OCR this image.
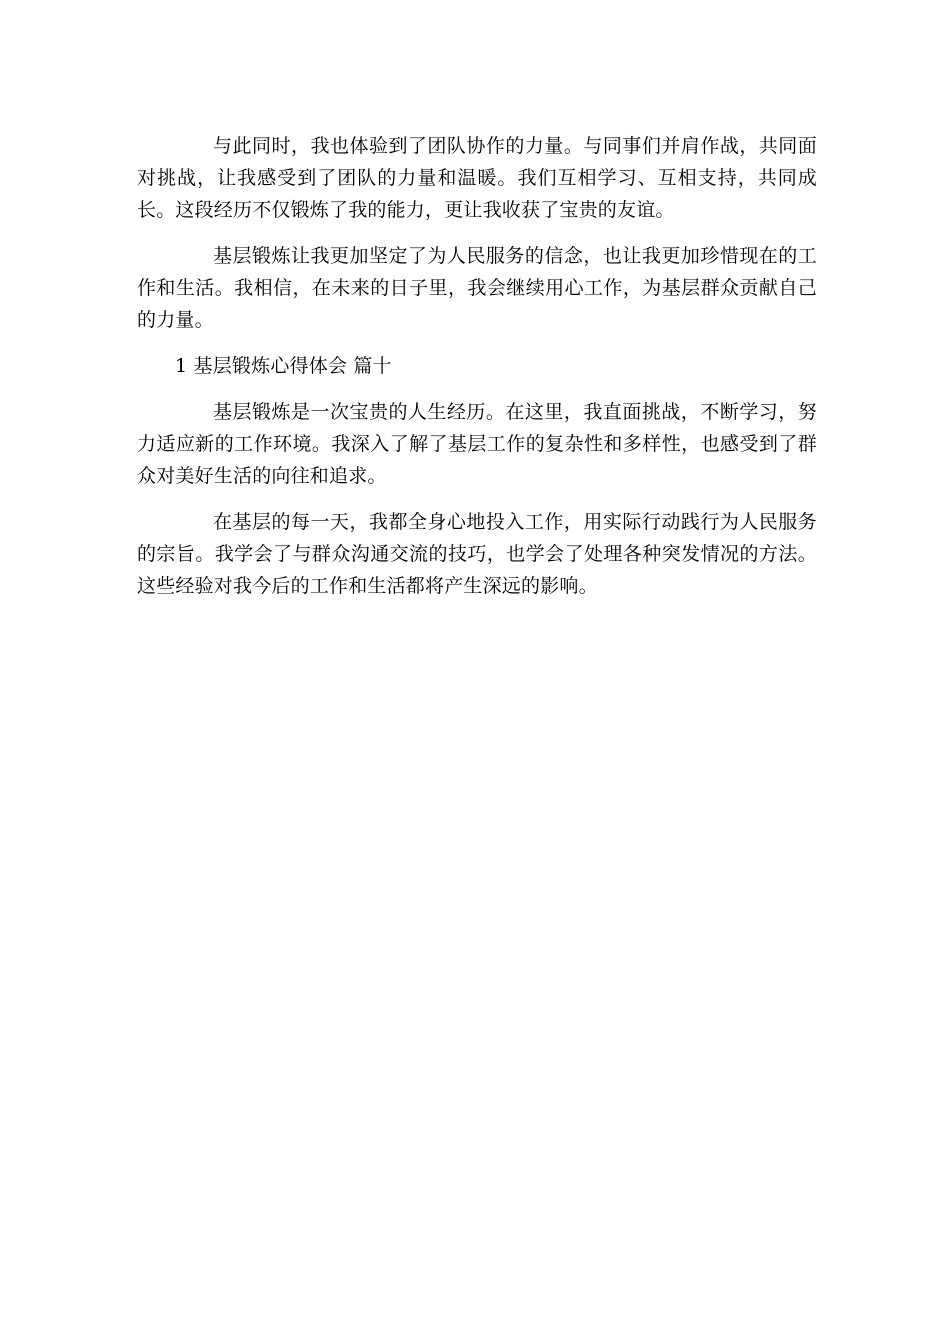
与此同时，我也体验到了团队协作的力量。与同事们并肩作战，共同面对挑战，让我感受到了团队的力量和温暖。我们互相学习、互相支持，共同成长。这段经历不仅锻炼了我的能力，更让我收获了宝贵的友谊。

基层锻炼让我更加坚定了为人民服务的信念，也让我更加珍惜现在的工作和生活。我相信，在未来的日子里，我会继续用心工作，为基层群众贡献自己的力量。

1 基层锻炼心得体会 篇十

基层锻炼是一次宝贵的人生经历。在这里，我直面挑战，不断学习，努力适应新的工作环境。我深入了解了基层工作的复杂性和多样性，也感受到了群众对美好生活的向往和追求。

在基层的每一天，我都全身心地投入工作，用实际行动践行为人民服务的宗旨。我学会了与群众沟通交流的技巧，也学会了处理各种突发情况的方法。这些经验对我今后的工作和生活都将产生深远的影响。
